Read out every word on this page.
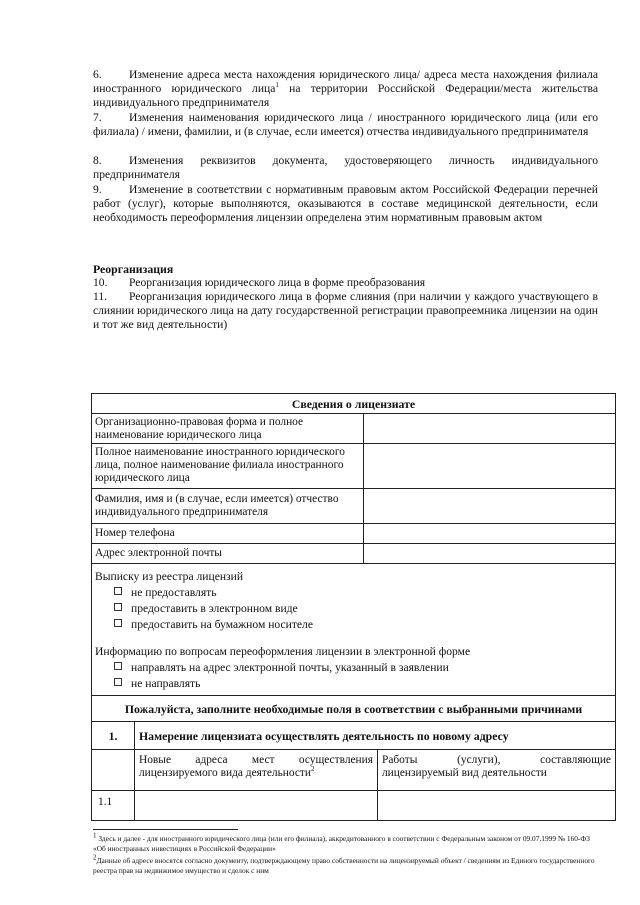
6. Изменение адреса места нахождения юридического лица/ адреса места нахождения филиала иностранного юридического лица$^1$ на территории Российской Федерации/места жительства индивидуального предпринимателя
7. Изменения наименования юридического лица / иностранного юридического лица (или его филиала) / имени, фамилии, и (в случае, если имеется) отчества индивидуального предпринимателя
8. Изменения реквизитов документа, удостоверяющего личность индивидуального предпринимателя
9. Изменение в соответствии с нормативным правовым актом Российской Федерации перечней работ (услуг), которые выполняются, оказываются в составе медицинской деятельности, если необходимость переоформления лицензии определена этим нормативным правовым актом
Реорганизация
10. Реорганизация юридического лица в форме преобразования
11. Реорганизация юридического лица в форме слияния (при наличии у каждого участвующего в слиянии юридического лица на дату государственной регистрации правопреемника лицензии на один и тот же вид деятельности)
Сведения о лицензиате
Организационно-правовая форма и полное наименование юридического лица
Полное наименование иностранного юридического лица, полное наименование филиала иностранного юридического лица
Фамилия, имя и (в случае, если имеется) отчество индивидуального предпринимателя
Номер телефона
Адрес электронной почты
Выписку из реестра лицензий
не предоставлять
предоставить в электронном виде
предоставить на бумажном носителе
Информацию по вопросам переоформления лицензии в электронной форме
направлять на адрес электронной почты, указанный в заявлении
не направлять
Пожалуйста, заполните необходимые поля в соответствии с выбранными причинами
1.	Намерение лицензиата осуществлять деятельность по новому адресу
Новые адреса мест осуществления лицензируемого вида деятельности$^2$
Работы (услуги), составляющие лицензируемый вид деятельности
1.1
$^1$ Здесь и далее - для иностранного юридического лица (или его филиала), аккредитованного в соответствии с Федеральным законом от 09.07.1999 № 160-ФЗ «Об иностранных инвестициях в Российской Федерации»
$^2$Данные об адресе вносятся согласно документу, подтверждающему право собственности на лицензируемый объект / сведениям из Единого государственного реестра прав на недвижимое имущество и сделок с ним
